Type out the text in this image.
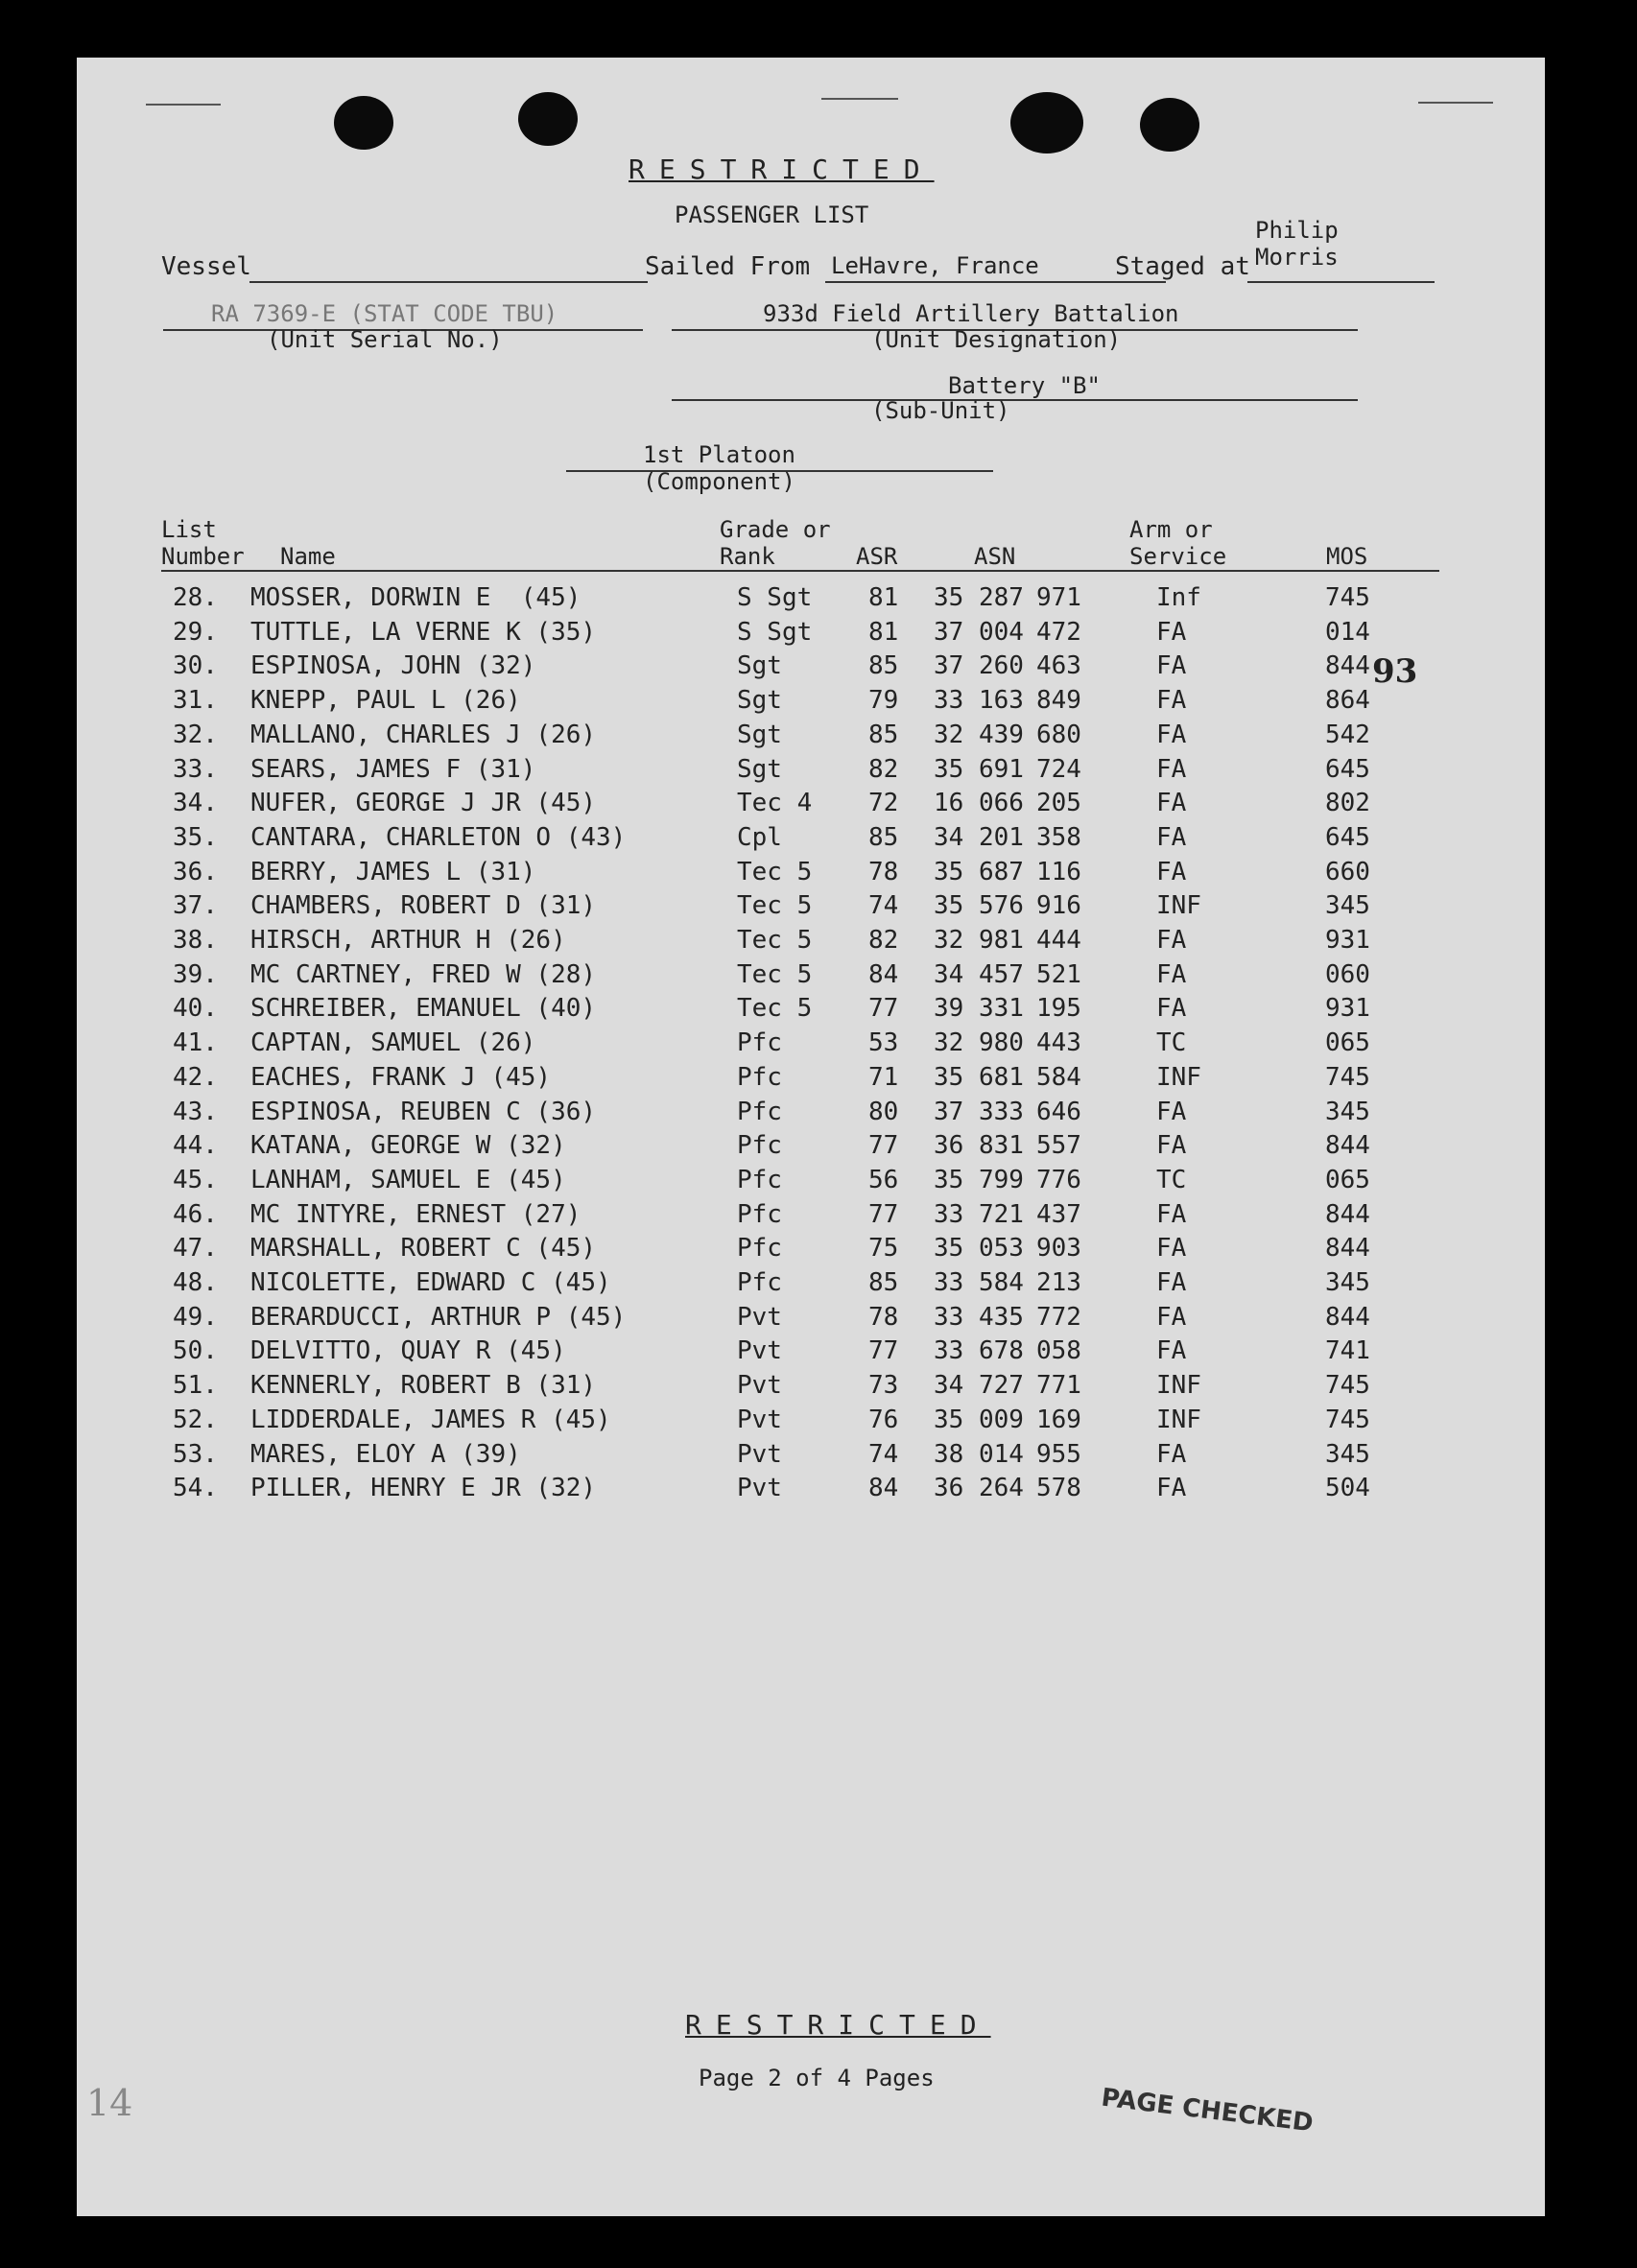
RESTRICTED
PASSENGER LIST
Vessel	Sailed From LeHavre, France	Staged at
Philip
Morris
RA 7369-E (STAT CODE TBU)
(Unit Serial No.)
933d Field Artillery Battalion
(Unit Designation)
Battery "B"
(Sub-Unit)
1st Platoon
(Component)
List
Number Name
Grade or
Rank	ASR	ASN
Arm or
Service	MOS
28. MOSSER, DORWIN E  (45)	S Sgt 81 35 287 971	Inf	745
29. TUTTLE, LA VERNE K (35)	S Sgt 81 37 004 472	FA	014
30. ESPINOSA, JOHN (32)	Sgt	85 37 260 463	FA	844
31. KNEPP, PAUL L (26)	Sgt	79 33 163 849	FA	864
32. MALLANO, CHARLES J (26)	Sgt	85 32 439 680	FA	542
33. SEARS, JAMES F (31)	Sgt	82 35 691 724	FA	645
34. NUFER, GEORGE J JR (45)	Tec 4 72 16 066 205	FA	802
35. CANTARA, CHARLETON O (43)	Cpl	85 34 201 358	FA	645
36. BERRY, JAMES L (31)	Tec 5 78 35 687 116	FA	660
37. CHAMBERS, ROBERT D (31)	Tec 5 74 35 576 916	INF	345
38. HIRSCH, ARTHUR H (26)	Tec 5 82 32 981 444	FA	931
39. MC CARTNEY, FRED W (28)	Tec 5 84 34 457 521	FA	060
40. SCHREIBER, EMANUEL (40)	Tec 5 77 39 331 195	FA	931
41. CAPTAN, SAMUEL (26)	Pfc	53 32 980 443	TC	065
42. EACHES, FRANK J (45)	Pfc	71 35 681 584	INF	745
43. ESPINOSA, REUBEN C (36)	Pfc	80 37 333 646	FA	345
44. KATANA, GEORGE W (32)	Pfc	77 36 831 557	FA	844
45. LANHAM, SAMUEL E (45)	Pfc	56 35 799 776	TC	065
46. MC INTYRE, ERNEST (27)	Pfc	77 33 721 437	FA	844
47. MARSHALL, ROBERT C (45)	Pfc	75 35 053 903	FA	844
48. NICOLETTE, EDWARD C (45)	Pfc	85 33 584 213	FA	345
49. BERARDUCCI, ARTHUR P (45)	Pvt	78 33 435 772	FA	844
50. DELVITTO, QUAY R (45)	Pvt	77 33 678 058	FA	741
51. KENNERLY, ROBERT B (31)	Pvt	73 34 727 771	INF	745
52. LIDDERDALE, JAMES R (45)	Pvt	76 35 009 169	INF	745
53. MARES, ELOY A (39)	Pvt	74 38 014 955	FA	345
54. PILLER, HENRY E JR (32)	Pvt	84 36 264 578	FA	504
RESTRICTED
Page 2 of 4 Pages
93
PAGE CHECKED
14
